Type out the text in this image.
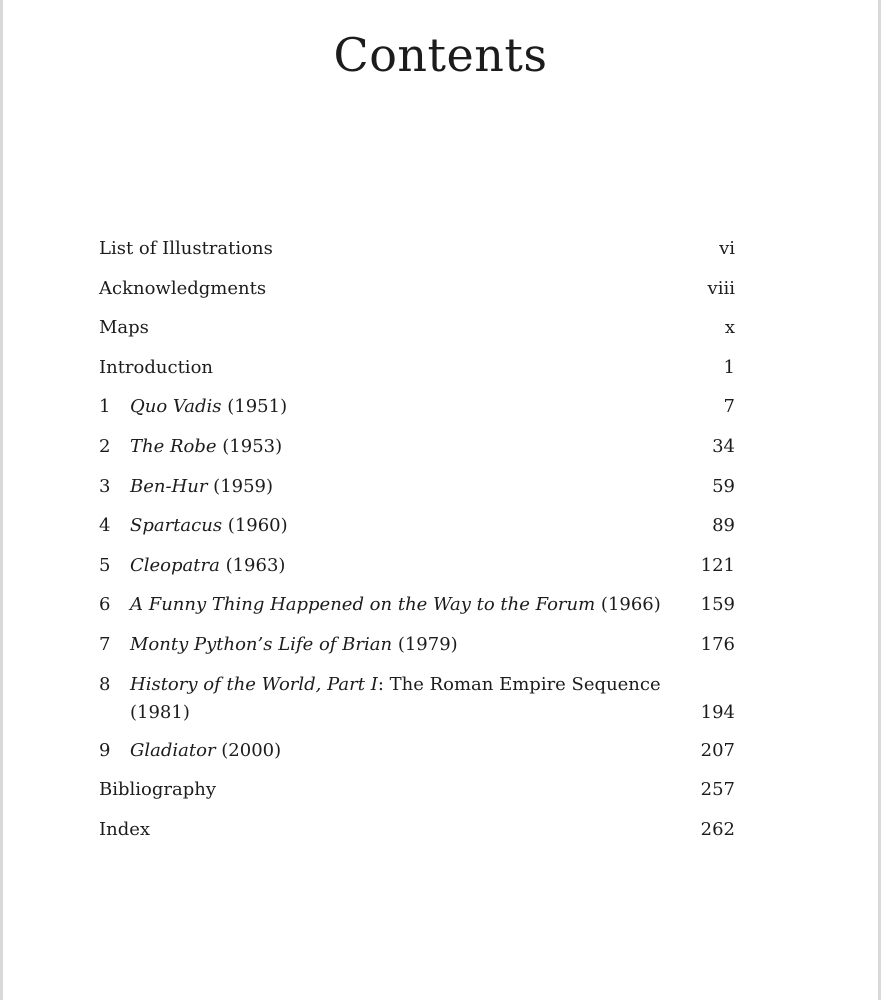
Contents
List of Illustrations	vi
Acknowledgments	viii
Maps	x
Introduction	1
1	Quo Vadis (1951)	7
2	The Robe (1953)	34
3	Ben-Hur (1959)	59
4	Spartacus (1960)	89
5	Cleopatra (1963)	121
6	A Funny Thing Happened on the Way to the Forum (1966)	159
7	Monty Python’s Life of Brian (1979)	176
8	History of the World, Part I: The Roman Empire Sequence (1981)	194
9	Gladiator (2000)	207
Bibliography	257
Index	262
